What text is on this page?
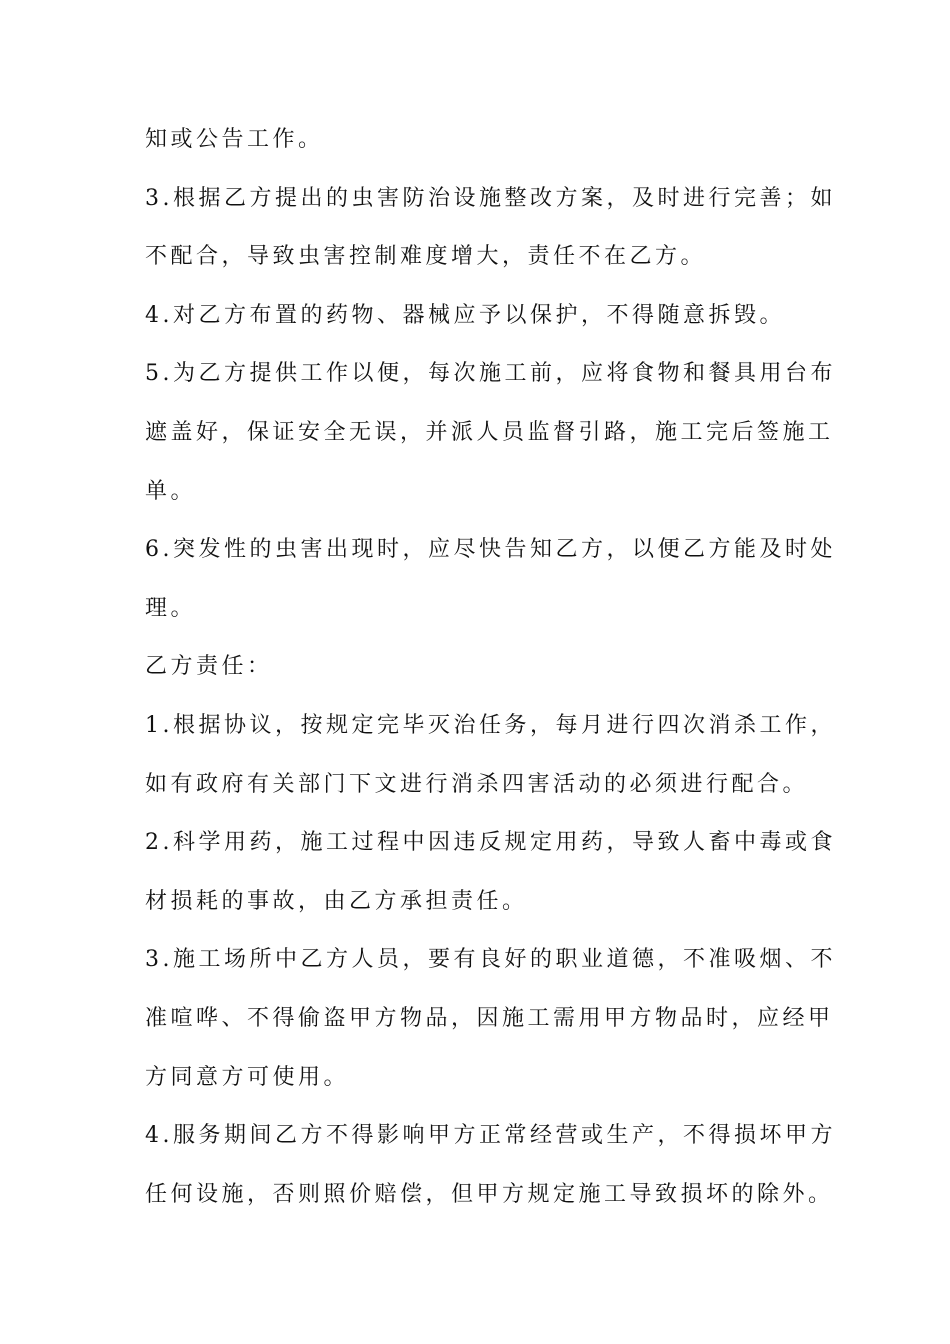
知或公告工作。
3.根据乙方提出的虫害防治设施整改方案，及时进行完善；如
不配合，导致虫害控制难度增大，责任不在乙方。
4.对乙方布置的药物、器械应予以保护，不得随意拆毁。
5.为乙方提供工作以便，每次施工前，应将食物和餐具用台布
遮盖好，保证安全无误，并派人员监督引路，施工完后签施工
单。
6.突发性的虫害出现时，应尽快告知乙方，以便乙方能及时处
理。
乙方责任：
1.根据协议，按规定完毕灭治任务，每月进行四次消杀工作，
如有政府有关部门下文进行消杀四害活动的必须进行配合。
2.科学用药，施工过程中因违反规定用药，导致人畜中毒或食
材损耗的事故，由乙方承担责任。
3.施工场所中乙方人员，要有良好的职业道德，不准吸烟、不
准喧哗、不得偷盗甲方物品，因施工需用甲方物品时，应经甲
方同意方可使用。
4.服务期间乙方不得影响甲方正常经营或生产，不得损坏甲方
任何设施，否则照价赔偿，但甲方规定施工导致损坏的除外。
